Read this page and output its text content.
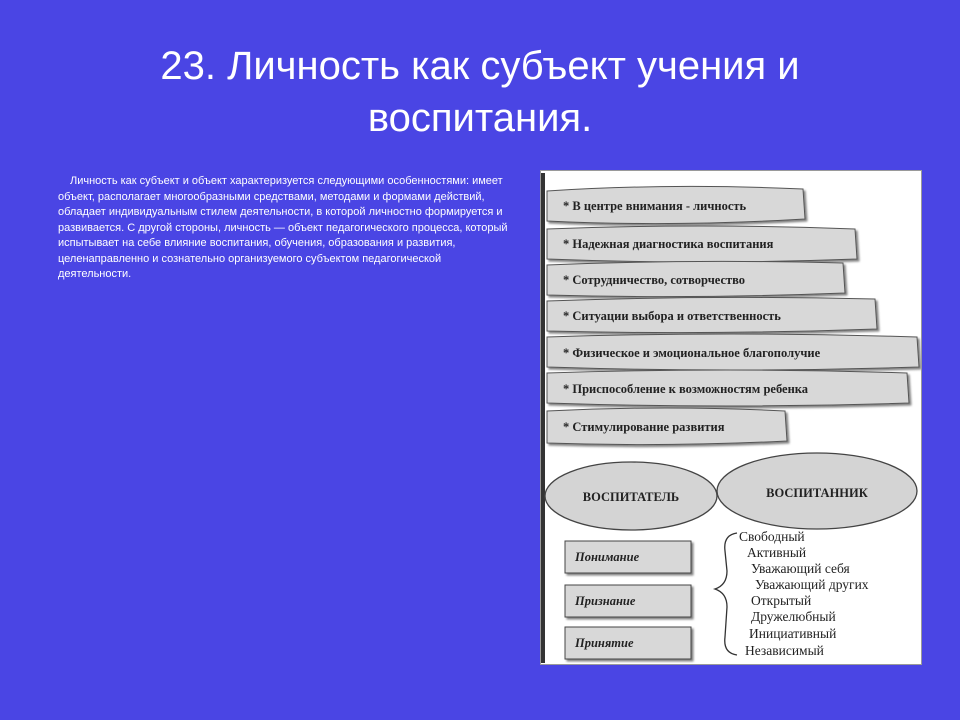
23. Личность как субъект учения и
воспитания.
Личность как субъект и объект характеризуется следующими особенностями: имеет объект, располагает многообразными средствами, методами и формами действий, обладает индивидуальным стилем деятельности, в которой личностно формируется и развивается. С другой стороны, личность — объект педагогического процесса, который испытывает на себе влияние воспитания, обучения, образования и развития, целенаправленно и сознательно организуемого субъектом педагогической деятельности.
* В центре внимания - личность
* Надежная диагностика воспитания
* Сотрудничество, сотворчество
* Ситуации выбора и ответственность
* Физическое и эмоциональное благополучие
* Приспособление к возможностям ребенка
* Стимулирование развития
ВОСПИТАТЕЛЬ	ВОСПИТАННИК
Понимание
Признание
Принятие
Свободный
Активный
Уважающий себя
Уважающий других
Открытый
Дружелюбный
Инициативный
Независимый
